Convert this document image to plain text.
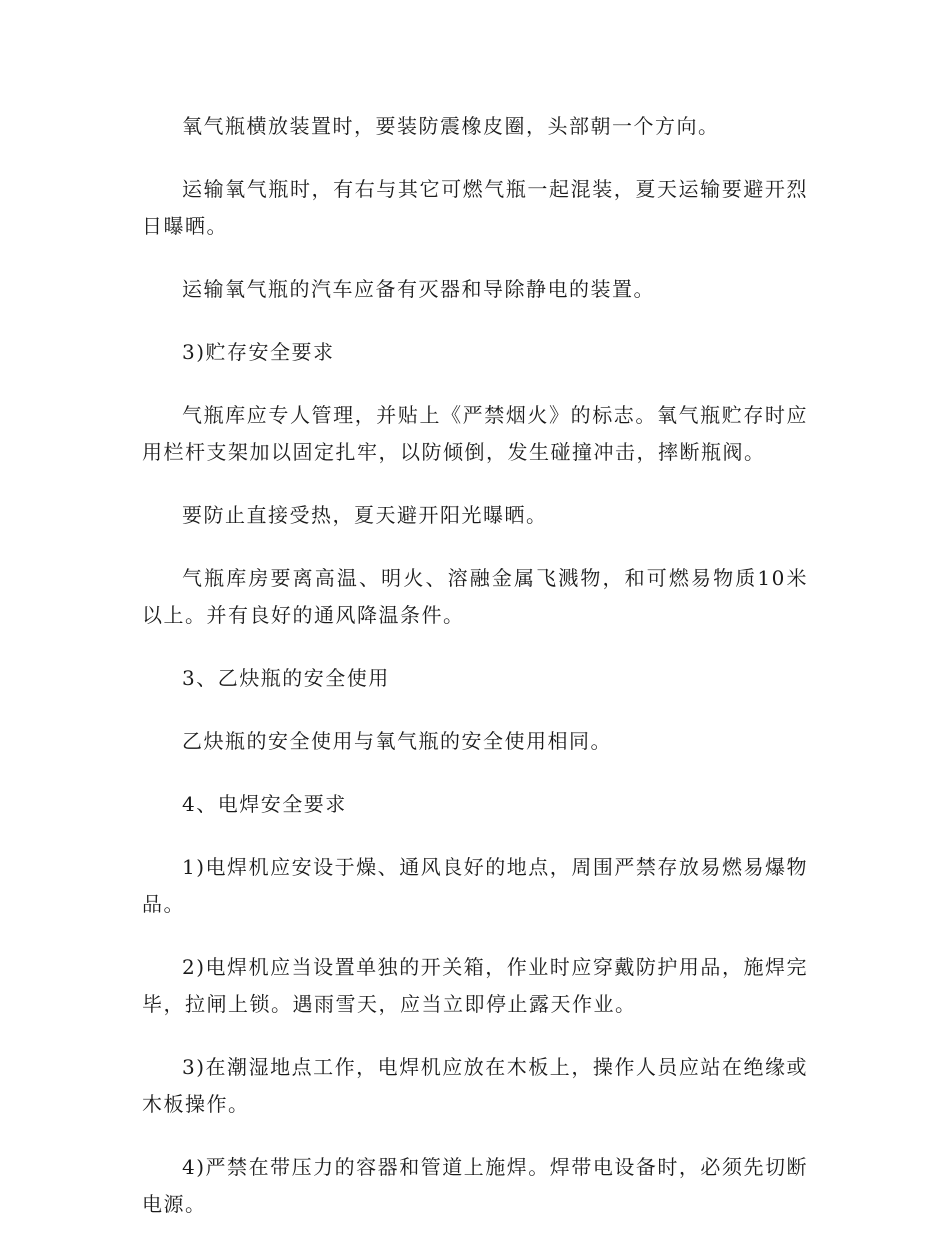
氧气瓶横放装置时，要装防震橡皮圈，头部朝一个方向。

运输氧气瓶时，有右与其它可燃气瓶一起混装，夏天运输要避开烈日曝晒。

运输氧气瓶的汽车应备有灭器和导除静电的装置。

3)贮存安全要求

气瓶库应专人管理，并贴上《严禁烟火》的标志。氧气瓶贮存时应用栏杆支架加以固定扎牢，以防倾倒，发生碰撞冲击，摔断瓶阀。

要防止直接受热，夏天避开阳光曝晒。

气瓶库房要离高温、明火、溶融金属飞溅物，和可燃易物质10米以上。并有良好的通风降温条件。

3、乙炔瓶的安全使用

乙炔瓶的安全使用与氧气瓶的安全使用相同。

4、电焊安全要求

1)电焊机应安设于燥、通风良好的地点，周围严禁存放易燃易爆物品。

2)电焊机应当设置单独的开关箱，作业时应穿戴防护用品，施焊完毕，拉闸上锁。遇雨雪天，应当立即停止露天作业。

3)在潮湿地点工作，电焊机应放在木板上，操作人员应站在绝缘或木板操作。

4)严禁在带压力的容器和管道上施焊。焊带电设备时，必须先切断电源。
